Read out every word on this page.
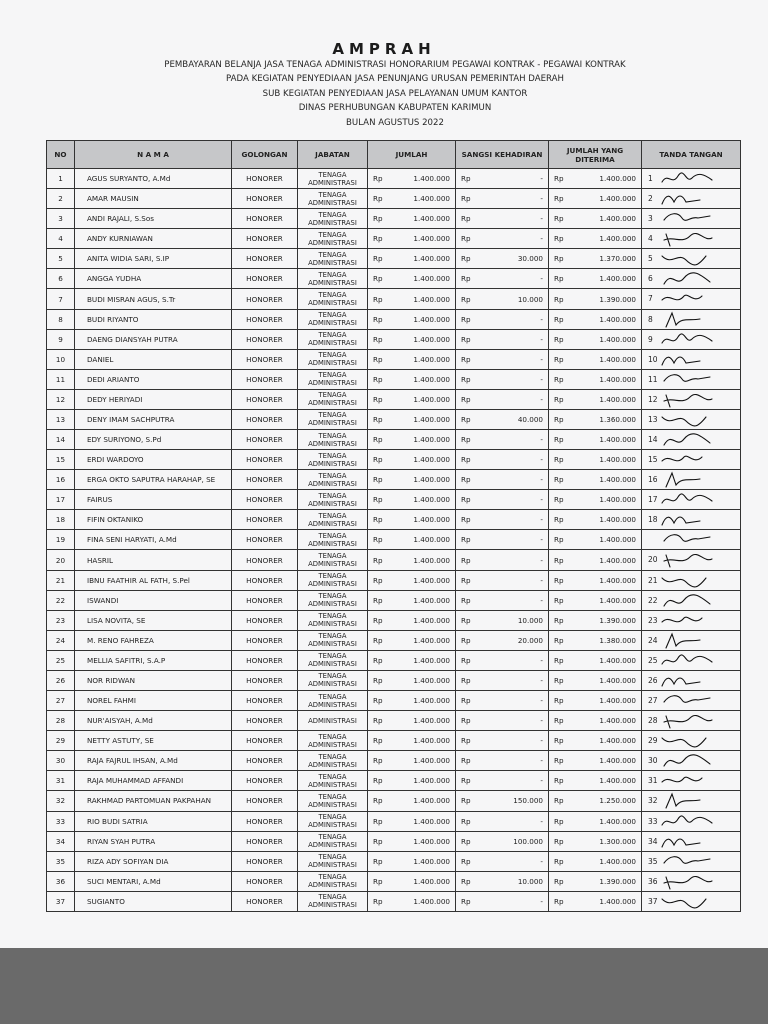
AMPRAH
PEMBAYARAN BELANJA JASA TENAGA ADMINISTRASI HONORARIUM PEGAWAI KONTRAK - PEGAWAI KONTRAK
PADA KEGIATAN PENYEDIAAN JASA PENUNJANG URUSAN PEMERINTAH DAERAH
SUB KEGIATAN PENYEDIAAN JASA PELAYANAN UMUM KANTOR
DINAS PERHUBUNGAN KABUPATEN KARIMUN
BULAN AGUSTUS 2022
NO	N A M A	GOLONGAN	JABATAN	JUMLAH	SANGSI KEHADIRAN	JUMLAH YANG DITERIMA	TANDA TANGAN
1	AGUS SURYANTO, A.Md	HONORER	TENAGA ADMINISTRASI	Rp 1.400.000	Rp -	Rp 1.400.000	1

2	AMAR MAUSIN	HONORER	TENAGA ADMINISTRASI	Rp 1.400.000	Rp -	Rp 1.400.000	2

3	ANDI RAJALI, S.Sos	HONORER	TENAGA ADMINISTRASI	Rp 1.400.000	Rp -	Rp 1.400.000	3

4	ANDY KURNIAWAN	HONORER	TENAGA ADMINISTRASI	Rp 1.400.000	Rp -	Rp 1.400.000	4

5	ANITA WIDIA SARI, S.IP	HONORER	TENAGA ADMINISTRASI	Rp 1.400.000	Rp 30.000	Rp 1.370.000	5

6	ANGGA YUDHA	HONORER	TENAGA ADMINISTRASI	Rp 1.400.000	Rp -	Rp 1.400.000	6

7	BUDI MISRAN AGUS, S.Tr	HONORER	TENAGA ADMINISTRASI	Rp 1.400.000	Rp 10.000	Rp 1.390.000	7

8	BUDI RIYANTO	HONORER	TENAGA ADMINISTRASI	Rp 1.400.000	Rp -	Rp 1.400.000	8

9	DAENG DIANSYAH PUTRA	HONORER	TENAGA ADMINISTRASI	Rp 1.400.000	Rp -	Rp 1.400.000	9

10	DANIEL	HONORER	TENAGA ADMINISTRASI	Rp 1.400.000	Rp -	Rp 1.400.000	10

11	DEDI ARIANTO	HONORER	TENAGA ADMINISTRASI	Rp 1.400.000	Rp -	Rp 1.400.000	11

12	DEDY HERIYADI	HONORER	TENAGA ADMINISTRASI	Rp 1.400.000	Rp -	Rp 1.400.000	12

13	DENY IMAM SACHPUTRA	HONORER	TENAGA ADMINISTRASI	Rp 1.400.000	Rp 40.000	Rp 1.360.000	13

14	EDY SURIYONO, S.Pd	HONORER	TENAGA ADMINISTRASI	Rp 1.400.000	Rp -	Rp 1.400.000	14

15	ERDI WARDOYO	HONORER	TENAGA ADMINISTRASI	Rp 1.400.000	Rp -	Rp 1.400.000	15

16	ERGA OKTO SAPUTRA HARAHAP, SE	HONORER	TENAGA ADMINISTRASI	Rp 1.400.000	Rp -	Rp 1.400.000	16

17	FAIRUS	HONORER	TENAGA ADMINISTRASI	Rp 1.400.000	Rp -	Rp 1.400.000	17

18	FIFIN OKTANIKO	HONORER	TENAGA ADMINISTRASI	Rp 1.400.000	Rp -	Rp 1.400.000	18

19	FINA SENI HARYATI, A.Md	HONORER	TENAGA ADMINISTRASI	Rp 1.400.000	Rp -	Rp 1.400.000

20	HASRIL	HONORER	TENAGA ADMINISTRASI	Rp 1.400.000	Rp -	Rp 1.400.000	20

21	IBNU FAATHIR AL FATH, S.Pel	HONORER	TENAGA ADMINISTRASI	Rp 1.400.000	Rp -	Rp 1.400.000	21

22	ISWANDI	HONORER	TENAGA ADMINISTRASI	Rp 1.400.000	Rp -	Rp 1.400.000	22

23	LISA NOVITA, SE	HONORER	TENAGA ADMINISTRASI	Rp 1.400.000	Rp 10.000	Rp 1.390.000	23

24	M. RENO FAHREZA	HONORER	TENAGA ADMINISTRASI	Rp 1.400.000	Rp 20.000	Rp 1.380.000	24

25	MELLIA SAFITRI, S.A.P	HONORER	TENAGA ADMINISTRASI	Rp 1.400.000	Rp -	Rp 1.400.000	25

26	NOR RIDWAN	HONORER	TENAGA ADMINISTRASI	Rp 1.400.000	Rp -	Rp 1.400.000	26

27	NOREL FAHMI	HONORER	TENAGA ADMINISTRASI	Rp 1.400.000	Rp -	Rp 1.400.000	27

28	NUR'AISYAH, A.Md	HONORER	ADMINISTRASI	Rp 1.400.000	Rp -	Rp 1.400.000	28

29	NETTY ASTUTY, SE	HONORER	TENAGA ADMINISTRASI	Rp 1.400.000	Rp -	Rp 1.400.000	29

30	RAJA FAJRUL IHSAN, A.Md	HONORER	TENAGA ADMINISTRASI	Rp 1.400.000	Rp -	Rp 1.400.000	30

31	RAJA MUHAMMAD AFFANDI	HONORER	TENAGA ADMINISTRASI	Rp 1.400.000	Rp -	Rp 1.400.000	31

32	RAKHMAD PARTOMUAN PAKPAHAN	HONORER	TENAGA ADMINISTRASI	Rp 1.400.000	Rp 150.000	Rp 1.250.000	32

33	RIO BUDI SATRIA	HONORER	TENAGA ADMINISTRASI	Rp 1.400.000	Rp -	Rp 1.400.000	33

34	RIYAN SYAH PUTRA	HONORER	TENAGA ADMINISTRASI	Rp 1.400.000	Rp 100.000	Rp 1.300.000	34

35	RIZA ADY SOFIYAN DIA	HONORER	TENAGA ADMINISTRASI	Rp 1.400.000	Rp -	Rp 1.400.000	35

36	SUCI MENTARI, A.Md	HONORER	TENAGA ADMINISTRASI	Rp 1.400.000	Rp 10.000	Rp 1.390.000	36

37	SUGIANTO	HONORER	TENAGA ADMINISTRASI	Rp 1.400.000	Rp -	Rp 1.400.000	37
